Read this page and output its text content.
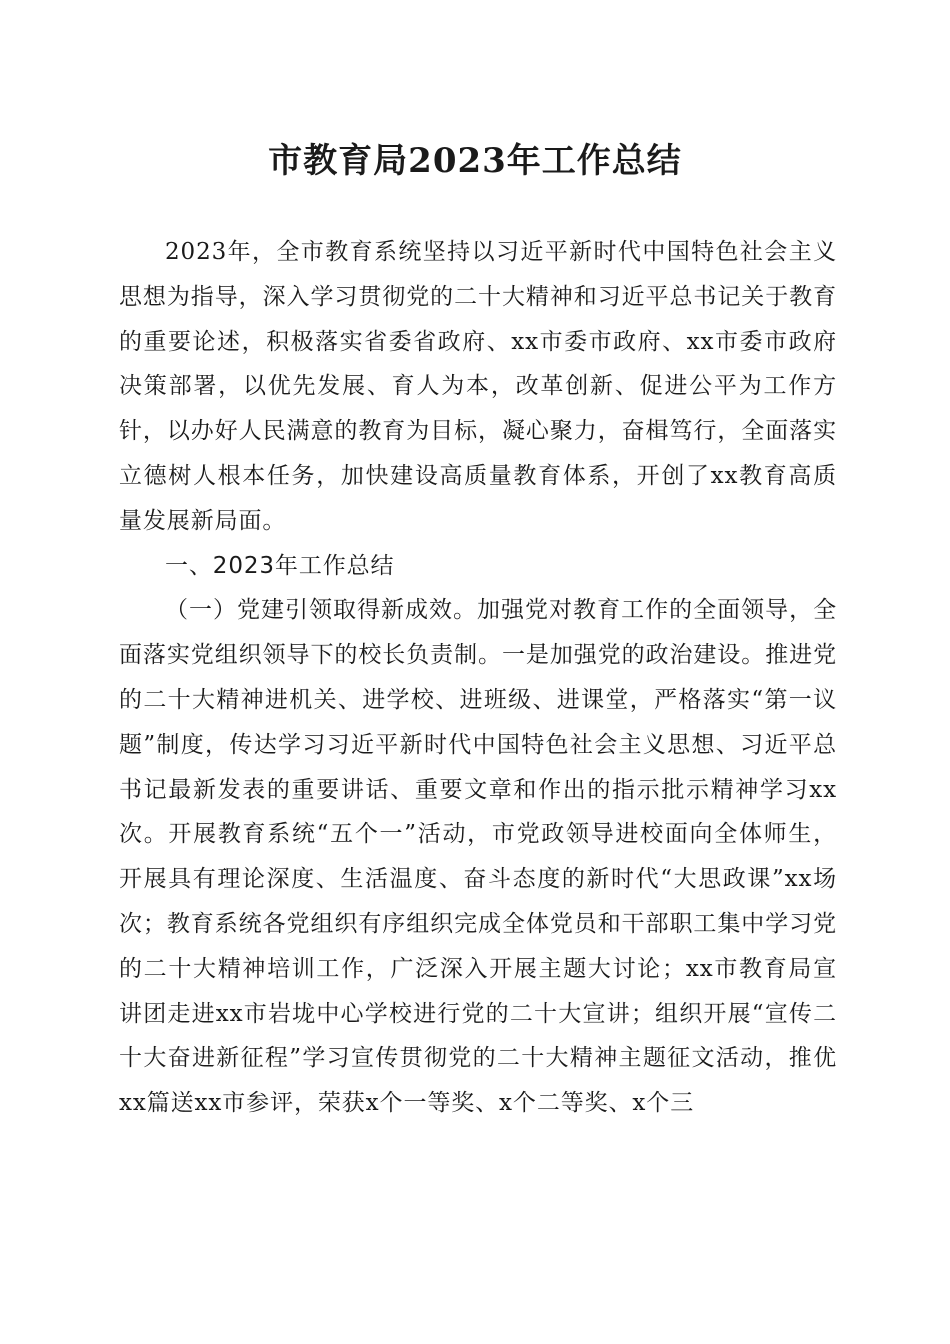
市教育局2023年工作总结

2023年，全市教育系统坚持以习近平新时代中国特色社会主义思想为指导，深入学习贯彻党的二十大精神和习近平总书记关于教育的重要论述，积极落实省委省政府、xx市委市政府、xx市委市政府决策部署，以优先发展、育人为本，改革创新、促进公平为工作方针，以办好人民满意的教育为目标，凝心聚力，奋楫笃行，全面落实立德树人根本任务，加快建设高质量教育体系，开创了xx教育高质量发展新局面。

一、2023年工作总结

（一）党建引领取得新成效。加强党对教育工作的全面领导，全面落实党组织领导下的校长负责制。一是加强党的政治建设。推进党的二十大精神进机关、进学校、进班级、进课堂，严格落实“第一议题”制度，传达学习习近平新时代中国特色社会主义思想、习近平总书记最新发表的重要讲话、重要文章和作出的指示批示精神学习xx次。开展教育系统“五个一”活动，市党政领导进校面向全体师生，开展具有理论深度、生活温度、奋斗态度的新时代“大思政课”xx场次；教育系统各党组织有序组织完成全体党员和干部职工集中学习党的二十大精神培训工作，广泛深入开展主题大讨论；xx市教育局宣讲团走进xx市岩垅中心学校进行党的二十大宣讲；组织开展“宣传二十大奋进新征程”学习宣传贯彻党的二十大精神主题征文活动，推优xx篇送xx市参评，荣获x个一等奖、x个二等奖、x个三
